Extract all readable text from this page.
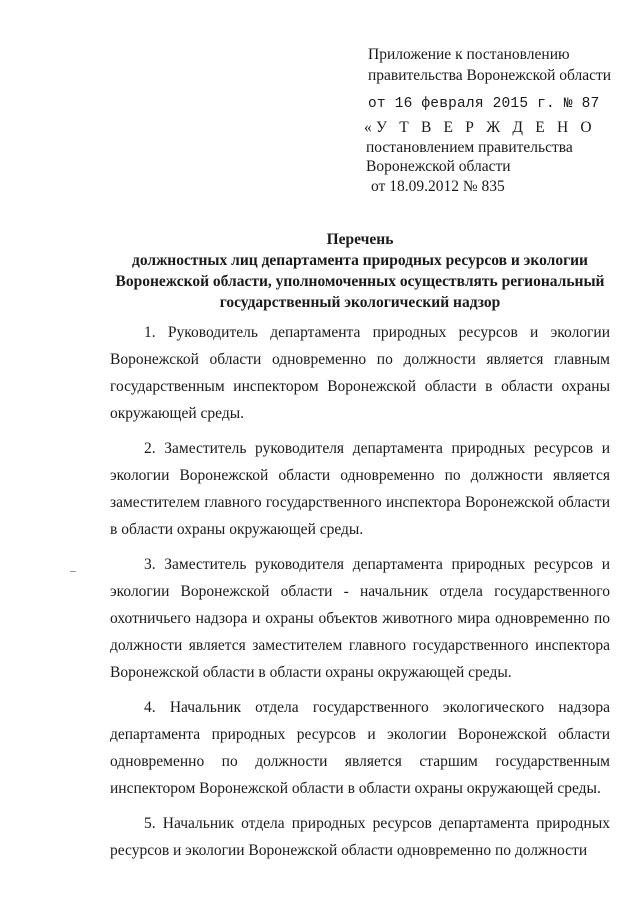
Приложение к постановлению
правительства Воронежской области
от 16 февраля 2015 г. № 87
«У Т В Е Р Ж Д Е Н О
постановлением правительства
Воронежской области
от 18.09.2012 № 835
Перечень
должностных лиц департамента природных ресурсов и экологии
Воронежской области, уполномоченных осуществлять региональный
государственный экологический надзор

1. Руководитель департамента природных ресурсов и экологии Воронежской области одновременно по должности является главным государственным инспектором Воронежской области в области охраны окружающей среды.

2. Заместитель руководителя департамента природных ресурсов и экологии Воронежской области одновременно по должности является заместителем главного государственного инспектора Воронежской области в области охраны окружающей среды.

3. Заместитель руководителя департамента природных ресурсов и экологии Воронежской области - начальник отдела государственного охотничьего надзора и охраны объектов животного мира одновременно по должности является заместителем главного государственного инспектора Воронежской области в области охраны окружающей среды.

4. Начальник отдела государственного экологического надзора департамента природных ресурсов и экологии Воронежской области одновременно по должности является старшим государственным инспектором Воронежской области в области охраны окружающей среды.

5. Начальник отдела природных ресурсов департамента природных ресурсов и экологии Воронежской области одновременно по должности
